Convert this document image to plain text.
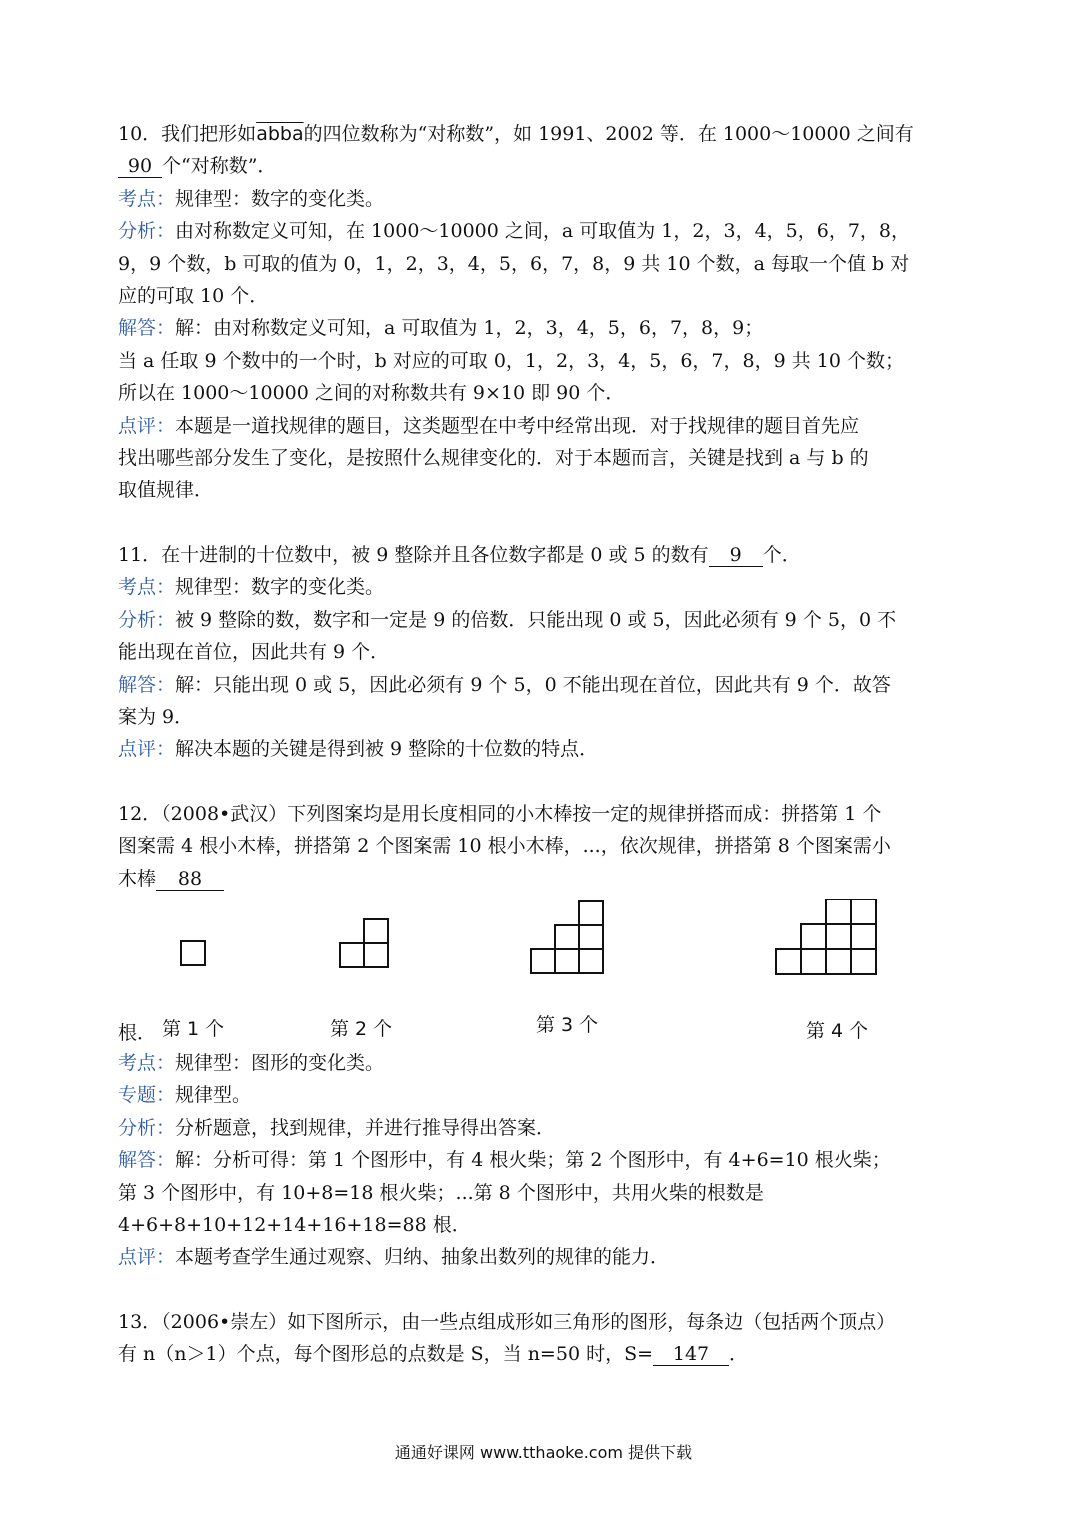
10．我们把形如abba的四位数称为“对称数”，如 1991、2002 等．在 1000～10000 之间有
90 个“对称数”．
考点：规律型：数字的变化类。
分析：由对称数定义可知，在 1000～10000 之间，a 可取值为 1，2，3，4，5，6，7，8，
9，9 个数，b 可取的值为 0，1，2，3，4，5，6，7，8，9 共 10 个数，a 每取一个值 b 对
应的可取 10 个．
解答：解：由对称数定义可知，a 可取值为 1，2，3，4，5，6，7，8，9；
当 a 任取 9 个数中的一个时，b 对应的可取 0，1，2，3，4，5，6，7，8，9 共 10 个数；
所以在 1000～10000 之间的对称数共有 9×10 即 90 个．
点评：本题是一道找规律的题目，这类题型在中考中经常出现．对于找规律的题目首先应
找出哪些部分发生了变化，是按照什么规律变化的．对于本题而言，关键是找到 a 与 b 的
取值规律．
11．在十进制的十位数中，被 9 整除并且各位数字都是 0 或 5 的数有 9 个．
考点：规律型：数字的变化类。
分析：被 9 整除的数，数字和一定是 9 的倍数．只能出现 0 或 5，因此必须有 9 个 5，0 不
能出现在首位，因此共有 9 个．
解答：解：只能出现 0 或 5，因此必须有 9 个 5，0 不能出现在首位，因此共有 9 个．故答
案为 9．
点评：解决本题的关键是得到被 9 整除的十位数的特点．
12．（2008•武汉）下列图案均是用长度相同的小木棒按一定的规律拼搭而成：拼搭第 1 个
图案需 4 根小木棒，拼搭第 2 个图案需 10 根小木棒，...，依次规律，拼搭第 8 个图案需小
木棒 88
根． 第 1 个	第 2 个	第 3 个	第 4 个
考点：规律型：图形的变化类。
专题：规律型。
分析：分析题意，找到规律，并进行推导得出答案．
解答：解：分析可得：第 1 个图形中，有 4 根火柴；第 2 个图形中，有 4+6=10 根火柴；
第 3 个图形中，有 10+8=18 根火柴；...第 8 个图形中，共用火柴的根数是
4+6+8+10+12+14+16+18=88 根．
点评：本题考查学生通过观察、归纳、抽象出数列的规律的能力．
13．（2006•崇左）如下图所示，由一些点组成形如三角形的图形，每条边（包括两个顶点）
有 n（n＞1）个点，每个图形总的点数是 S，当 n=50 时，S= 147 ．
通通好课网 www.tthaoke.com 提供下载
